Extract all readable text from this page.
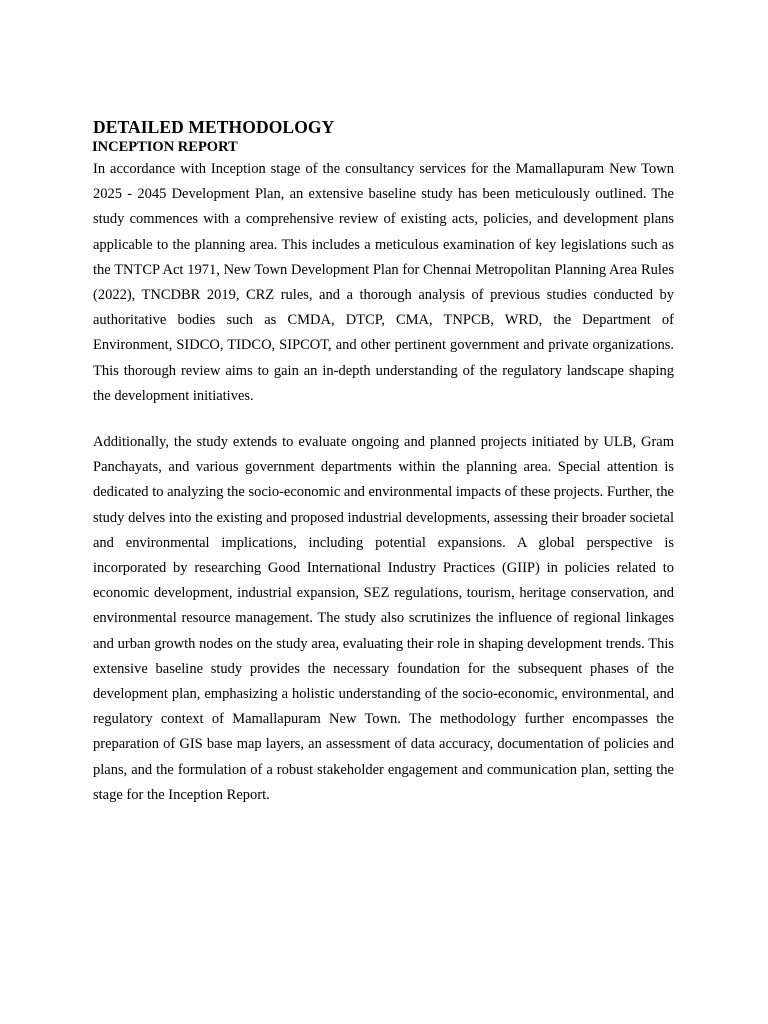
DETAILED METHODOLOGY
INCEPTION REPORT

In accordance with Inception stage of the consultancy services for the Mamallapuram New Town 2025 - 2045 Development Plan, an extensive baseline study has been meticulously outlined. The study commences with a comprehensive review of existing acts, policies, and development plans applicable to the planning area. This includes a meticulous examination of key legislations such as the TNTCP Act 1971, New Town Development Plan for Chennai Metropolitan Planning Area Rules (2022), TNCDBR 2019, CRZ rules, and a thorough analysis of previous studies conducted by authoritative bodies such as CMDA, DTCP, CMA, TNPCB, WRD, the Department of Environment, SIDCO, TIDCO, SIPCOT, and other pertinent government and private organizations. This thorough review aims to gain an in-depth understanding of the regulatory landscape shaping the development initiatives.

Additionally, the study extends to evaluate ongoing and planned projects initiated by ULB, Gram Panchayats, and various government departments within the planning area. Special attention is dedicated to analyzing the socio-economic and environmental impacts of these projects. Further, the study delves into the existing and proposed industrial developments, assessing their broader societal and environmental implications, including potential expansions. A global perspective is incorporated by researching Good International Industry Practices (GIIP) in policies related to economic development, industrial expansion, SEZ regulations, tourism, heritage conservation, and environmental resource management. The study also scrutinizes the influence of regional linkages and urban growth nodes on the study area, evaluating their role in shaping development trends. This extensive baseline study provides the necessary foundation for the subsequent phases of the development plan, emphasizing a holistic understanding of the socio-economic, environmental, and regulatory context of Mamallapuram New Town. The methodology further encompasses the preparation of GIS base map layers, an assessment of data accuracy, documentation of policies and plans, and the formulation of a robust stakeholder engagement and communication plan, setting the stage for the Inception Report.
